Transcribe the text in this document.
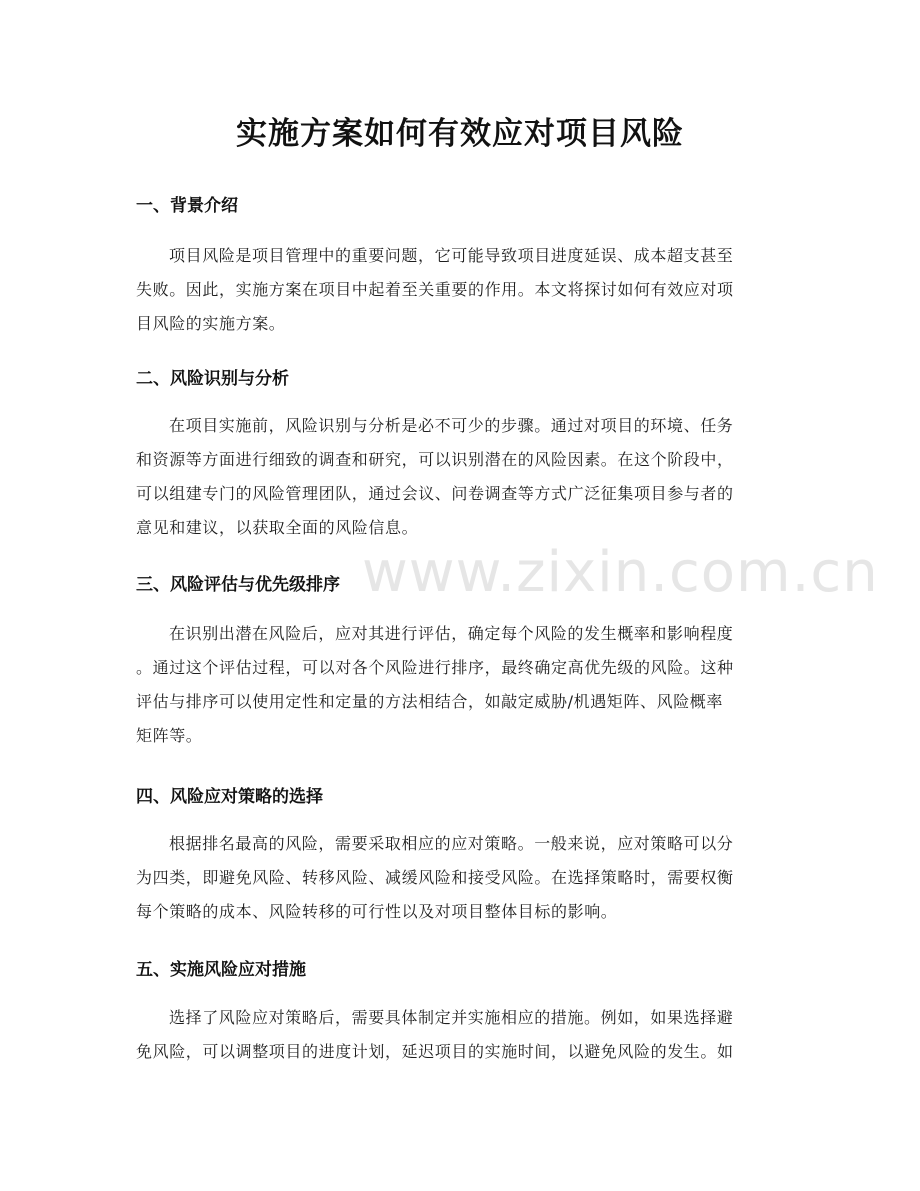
www.zixin.com.cn
实施方案如何有效应对项目风险
一、背景介绍
项目风险是项目管理中的重要问题，它可能导致项目进度延误、成本超支甚至
失败。因此，实施方案在项目中起着至关重要的作用。本文将探讨如何有效应对项
目风险的实施方案。
二、风险识别与分析
在项目实施前，风险识别与分析是必不可少的步骤。通过对项目的环境、任务
和资源等方面进行细致的调查和研究，可以识别潜在的风险因素。在这个阶段中，
可以组建专门的风险管理团队，通过会议、问卷调查等方式广泛征集项目参与者的
意见和建议，以获取全面的风险信息。
三、风险评估与优先级排序
在识别出潜在风险后，应对其进行评估，确定每个风险的发生概率和影响程度
。通过这个评估过程，可以对各个风险进行排序，最终确定高优先级的风险。这种
评估与排序可以使用定性和定量的方法相结合，如敲定威胁/机遇矩阵、风险概率
矩阵等。
四、风险应对策略的选择
根据排名最高的风险，需要采取相应的应对策略。一般来说，应对策略可以分
为四类，即避免风险、转移风险、减缓风险和接受风险。在选择策略时，需要权衡
每个策略的成本、风险转移的可行性以及对项目整体目标的影响。
五、实施风险应对措施
选择了风险应对策略后，需要具体制定并实施相应的措施。例如，如果选择避
免风险，可以调整项目的进度计划，延迟项目的实施时间，以避免风险的发生。如
